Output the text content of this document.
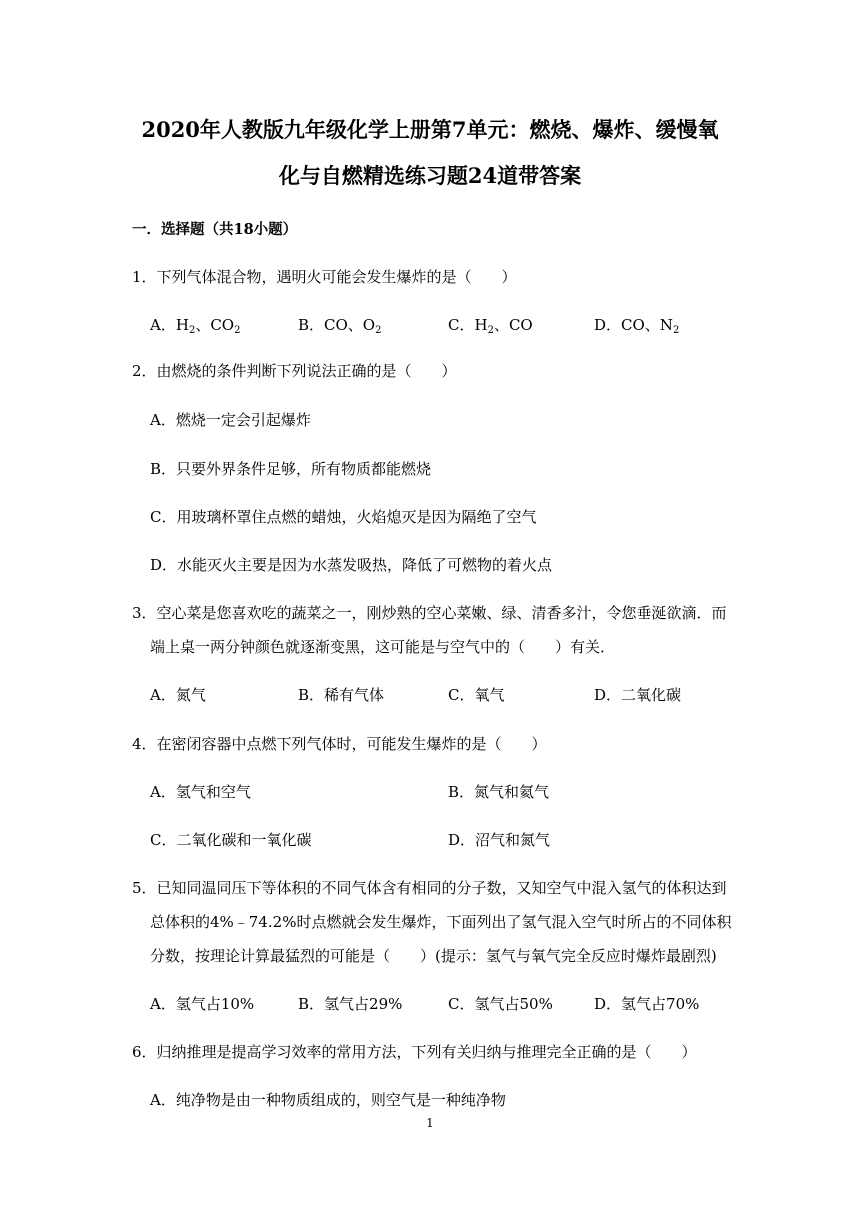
2020年人教版九年级化学上册第7单元：燃烧、爆炸、缓慢氧
化与自燃精选练习题24道带答案
一．选择题（共18小题）
1．下列气体混合物，遇明火可能会发生爆炸的是（　　）
A．$H_2$、$CO_2$	B．CO、$O_2$	C．$H_2$、CO	D．CO、$N_2$
2．由燃烧的条件判断下列说法正确的是（　　）
A．燃烧一定会引起爆炸
B．只要外界条件足够，所有物质都能燃烧
C．用玻璃杯罩住点燃的蜡烛，火焰熄灭是因为隔绝了空气
D．水能灭火主要是因为水蒸发吸热，降低了可燃物的着火点
3．空心菜是您喜欢吃的蔬菜之一，刚炒熟的空心菜嫩、绿、清香多汁，令您垂涎欲滴．而
端上桌一两分钟颜色就逐渐变黑，这可能是与空气中的（　　）有关．
A．氮气	B．稀有气体	C．氧气	D．二氧化碳
4．在密闭容器中点燃下列气体时，可能发生爆炸的是（　　）
A．氢气和空气	B．氮气和氦气
C．二氧化碳和一氧化碳	D．沼气和氮气
5．已知同温同压下等体积的不同气体含有相同的分子数，又知空气中混入氢气的体积达到
总体积的4%﹣74.2%时点燃就会发生爆炸，下面列出了氢气混入空气时所占的不同体积
分数，按理论计算最猛烈的可能是（　　）(提示：氢气与氧气完全反应时爆炸最剧烈)
A．氢气占10%	B．氢气占29%	C．氢气占50%	D．氢气占70%
6．归纳推理是提高学习效率的常用方法，下列有关归纳与推理完全正确的是（　　）
A．纯净物是由一种物质组成的，则空气是一种纯净物
1
